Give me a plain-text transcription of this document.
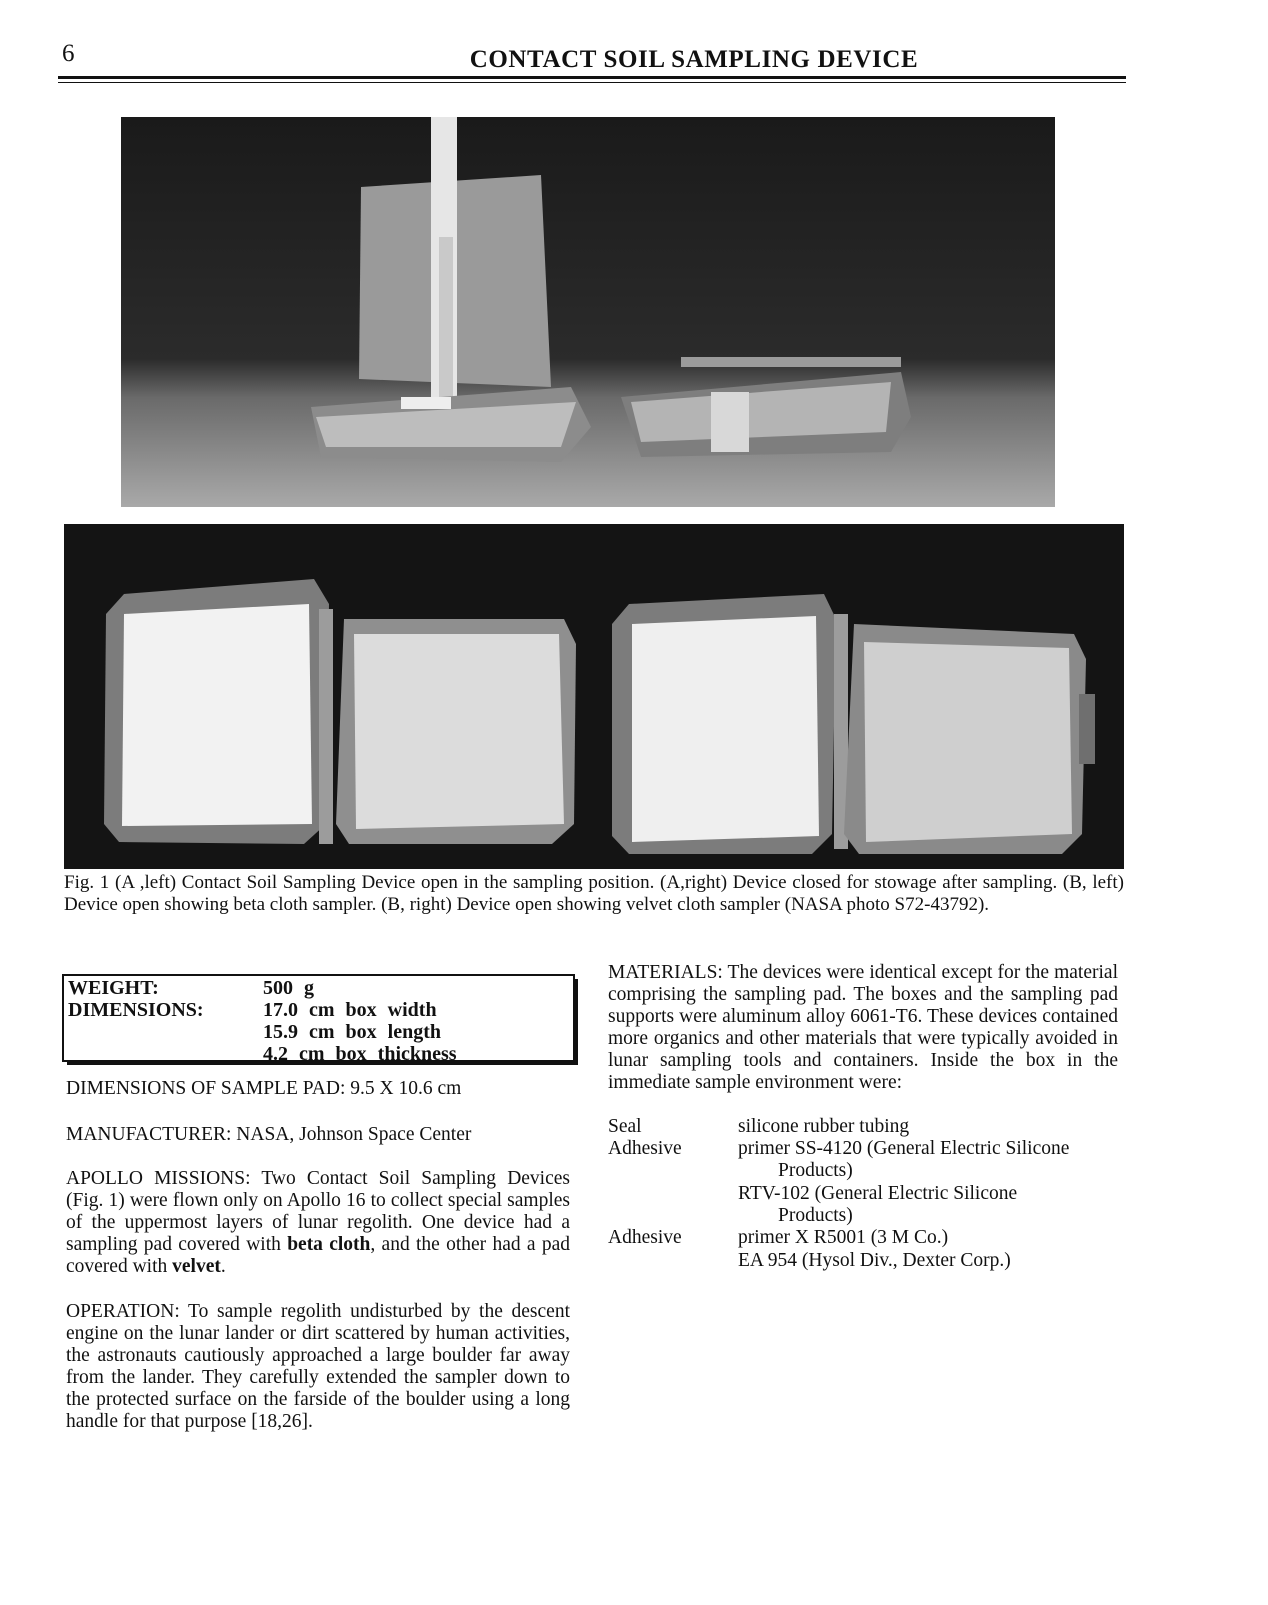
6	CONTACT SOIL SAMPLING DEVICE
Fig. 1 (A ,left) Contact Soil Sampling Device open in the sampling position. (A,right) Device closed for stowage after sampling. (B, left) Device open showing beta cloth sampler. (B, right) Device open showing velvet cloth sampler (NASA photo S72-43792).
WEIGHT:	500 g
DIMENSIONS:	17.0 cm box width
15.9 cm box length
4.2 cm box thickness
DIMENSIONS OF SAMPLE PAD: 9.5 X 10.6 cm
MANUFACTURER: NASA, Johnson Space Center
APOLLO MISSIONS: Two Contact Soil Sampling Devices (Fig. 1) were flown only on Apollo 16 to collect special samples of the uppermost layers of lunar regolith. One device had a sampling pad covered with beta cloth, and the other had a pad covered with velvet.
OPERATION: To sample regolith undisturbed by the descent engine on the lunar lander or dirt scattered by human activities, the astronauts cautiously approached a large boulder far away from the lander. They carefully extended the sampler down to the protected surface on the farside of the boulder using a long handle for that purpose [18,26].
MATERIALS: The devices were identical except for the material comprising the sampling pad. The boxes and the sampling pad supports were aluminum alloy 6061-T6. These devices contained more organics and other materials that were typically avoided in lunar sampling tools and containers. Inside the box in the immediate sample environment were:
Seal	silicone rubber tubing
Adhesive	primer SS-4120 (General Electric Silicone
Products)
RTV-102 (General Electric Silicone
Products)
Adhesive	primer X R5001 (3 M Co.)
EA 954 (Hysol Div., Dexter Corp.)
